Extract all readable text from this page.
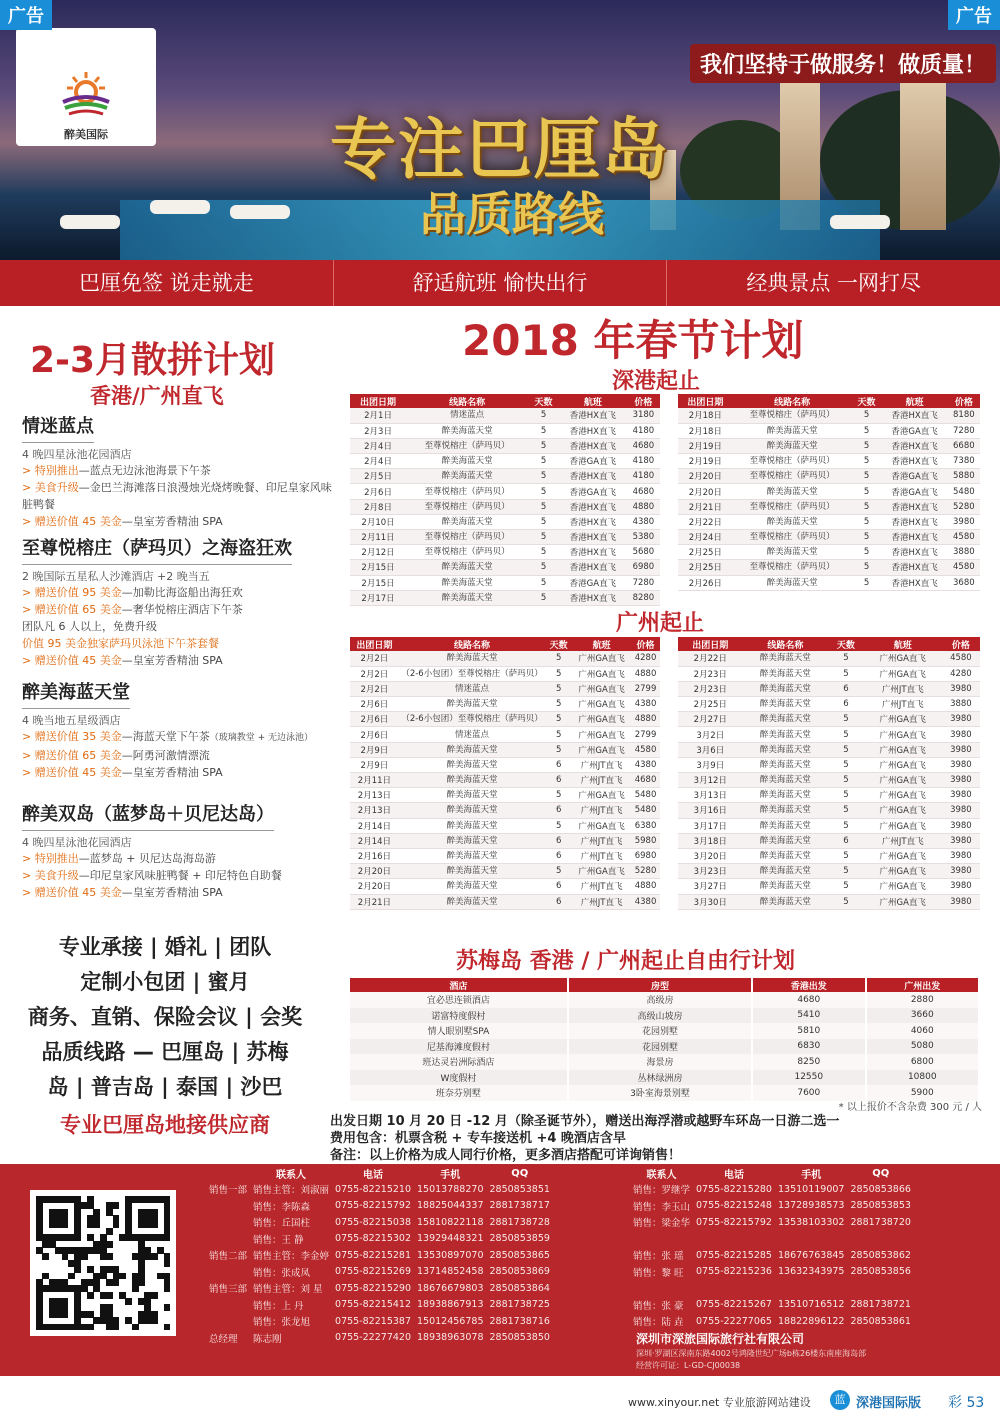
广告	广告
醉美国际
我们坚持于做服务！做质量！
专注巴厘岛
品质路线
巴厘免签 说走就走	舒适航班 愉快出行	经典景点 一网打尽
2-3月散拼计划
香港/广州直飞
情迷蓝点
4 晚四星泳池花园酒店
> 特别推出—蓝点无边泳池海景下午茶
> 美食升级—金巴兰海滩落日浪漫烛光烧烤晚餐、印尼皇家风味脏鸭餐
> 赠送价值 45 美金—皇室芳香精油 SPA
至尊悦榕庄（萨玛贝）之海盗狂欢
2 晚国际五星私人沙滩酒店 +2 晚当五
> 赠送价值 95 美金—加勒比海盗船出海狂欢
> 赠送价值 65 美金—奢华悦榕庄酒店下午茶
团队凡 6 人以上，免费升级
价值 95 美金独家萨玛贝泳池下午茶套餐
> 赠送价值 45 美金—皇室芳香精油 SPA
醉美海蓝天堂
4 晚当地五星级酒店
> 赠送价值 35 美金—海蓝天堂下午茶（玻璃教堂 + 无边泳池）
> 赠送价值 65 美金—阿勇河激情漂流
> 赠送价值 45 美金—皇室芳香精油 SPA
醉美双岛（蓝梦岛＋贝尼达岛）
4 晚四星泳池花园酒店
> 特别推出—蓝梦岛 + 贝尼达岛海岛游
> 美食升级—印尼皇家风味脏鸭餐 + 印尼特色自助餐
> 赠送价值 45 美金—皇室芳香精油 SPA
专业承接 | 婚礼 | 团队
定制小包团 | 蜜月
商务、直销、保险会议 | 会奖
品质线路 — 巴厘岛 | 苏梅
岛 | 普吉岛 | 泰国 | 沙巴
专业巴厘岛地接供应商
2018 年春节计划
深港起止
出团日期	线路名称	天数	航班	价格
2月1日	情迷蓝点	5	香港HX直飞	3180
2月3日	醉美海蓝天堂	5	香港HX直飞	4180
2月4日	至尊悦榕庄（萨玛贝）	5	香港HX直飞	4680
2月4日	醉美海蓝天堂	5	香港GA直飞	4180
2月5日	醉美海蓝天堂	5	香港HX直飞	4180
2月6日	至尊悦榕庄（萨玛贝）	5	香港GA直飞	4680
2月8日	至尊悦榕庄（萨玛贝）	5	香港HX直飞	4880
2月10日	醉美海蓝天堂	5	香港HX直飞	4380
2月11日	至尊悦榕庄（萨玛贝）	5	香港HX直飞	5380
2月12日	至尊悦榕庄（萨玛贝）	5	香港HX直飞	5680
2月15日	醉美海蓝天堂	5	香港HX直飞	6980
2月15日	醉美海蓝天堂	5	香港GA直飞	7280
2月17日	醉美海蓝天堂	5	香港HX直飞	8280
出团日期	线路名称	天数	航班	价格
2月18日	至尊悦榕庄（萨玛贝）	5	香港HX直飞	8180
2月18日	醉美海蓝天堂	5	香港GA直飞	7280
2月19日	醉美海蓝天堂	5	香港HX直飞	6680
2月19日	至尊悦榕庄（萨玛贝）	5	香港HX直飞	7380
2月20日	至尊悦榕庄（萨玛贝）	5	香港GA直飞	5880
2月20日	醉美海蓝天堂	5	香港GA直飞	5480
2月21日	至尊悦榕庄（萨玛贝）	5	香港HX直飞	5280
2月22日	醉美海蓝天堂	5	香港HX直飞	3980
2月24日	至尊悦榕庄（萨玛贝）	5	香港HX直飞	4580
2月25日	醉美海蓝天堂	5	香港HX直飞	3880
2月25日	至尊悦榕庄（萨玛贝）	5	香港HX直飞	4580
2月26日	醉美海蓝天堂	5	香港HX直飞	3680
广州起止
出团日期	线路名称	天数	航班	价格
2月2日	醉美海蓝天堂	5	广州GA直飞	4280
2月2日	（2-6小包团）至尊悦榕庄（萨玛贝）	5	广州GA直飞	4880
2月2日	情迷蓝点	5	广州GA直飞	2799
2月6日	醉美海蓝天堂	5	广州GA直飞	4380
2月6日	（2-6小包团）至尊悦榕庄（萨玛贝）	5	广州GA直飞	4880
2月6日	情迷蓝点	5	广州GA直飞	2799
2月9日	醉美海蓝天堂	5	广州GA直飞	4580
2月9日	醉美海蓝天堂	6	广州JT直飞	4380
2月11日	醉美海蓝天堂	6	广州JT直飞	4680
2月13日	醉美海蓝天堂	5	广州GA直飞	5480
2月13日	醉美海蓝天堂	6	广州JT直飞	5480
2月14日	醉美海蓝天堂	5	广州GA直飞	6380
2月14日	醉美海蓝天堂	6	广州JT直飞	5980
2月16日	醉美海蓝天堂	6	广州JT直飞	6980
2月20日	醉美海蓝天堂	5	广州GA直飞	5280
2月20日	醉美海蓝天堂	6	广州JT直飞	4880
2月21日	醉美海蓝天堂	6	广州JT直飞	4380
出团日期	线路名称	天数	航班	价格
2月22日	醉美海蓝天堂	5	广州GA直飞	4580
2月23日	醉美海蓝天堂	5	广州GA直飞	4280
2月23日	醉美海蓝天堂	6	广州JT直飞	3980
2月25日	醉美海蓝天堂	6	广州JT直飞	3880
2月27日	醉美海蓝天堂	5	广州GA直飞	3980
3月2日	醉美海蓝天堂	5	广州GA直飞	3980
3月6日	醉美海蓝天堂	5	广州GA直飞	3980
3月9日	醉美海蓝天堂	5	广州GA直飞	3980
3月12日	醉美海蓝天堂	5	广州GA直飞	3980
3月13日	醉美海蓝天堂	5	广州GA直飞	3980
3月16日	醉美海蓝天堂	5	广州GA直飞	3980
3月17日	醉美海蓝天堂	5	广州GA直飞	3980
3月18日	醉美海蓝天堂	6	广州JT直飞	3980
3月20日	醉美海蓝天堂	5	广州GA直飞	3980
3月23日	醉美海蓝天堂	5	广州GA直飞	3980
3月27日	醉美海蓝天堂	5	广州GA直飞	3980
3月30日	醉美海蓝天堂	5	广州GA直飞	3980
苏梅岛 香港 / 广州起止自由行计划
酒店	房型	香港出发	广州出发
宜必思连锁酒店	高级房	4680	2880
诺富特度假村	高级山坡房	5410	3660
情人眼别墅SPA	花园别墅	5810	4060
尼基海滩度假村	花园别墅	6830	5080
班达灵岩洲际酒店	海景房	8250	6800
W度假村	丛林绿洲房	12550	10800
班奈芬别墅	3卧室海景别墅	7600	5900
* 以上报价不含杂费 300 元 / 人
出发日期 10 月 20 日 -12 月（除圣诞节外），赠送出海浮潜或越野车环岛一日游二选一
费用包含：机票含税 + 专车接送机 +4 晚酒店含早
备注：以上价格为成人同行价格，更多酒店搭配可详询销售！
	联系人	电话	手机	QQ
销售一部	销售主管：刘淑丽	0755-82215210	15013788270	2850853851
	销售：李陈森	0755-82215792	18825044337	2881738717
	销售：丘国柱	0755-82215038	15810822118	2881738728
	销售：王 静	0755-82215302	13929448321	2850853859
销售二部	销售主管：李金婷	0755-82215281	13530897070	2850853865
	销售：张成凤	0755-82215269	13714852458	2850853869
销售三部	销售主管：刘 星	0755-82215290	18676679803	2850853864
	销售：上 丹	0755-82215412	18938867913	2881738725
	销售：张龙旭	0755-82215387	15012456785	2881738716
总经理	陈志刚	0755-22277420	18938963078	2850853850
联系人	电话	手机	QQ
销售：罗继学	0755-82215280	13510119007	2850853866
销售：李玉山	0755-82215248	13728938573	2850853853
销售：梁金华	0755-82215792	13538103302	2881738720

销售：张 瑶	0755-82215285	18676763845	2850853862
销售：黎 旺	0755-82215236	13632343975	2850853856

销售：张 豪	0755-82215267	13510716512	2881738721
销售：陆 垚	0755-22277065	18822896122	2850853861
深圳市深旅国际旅行社有限公司
深圳·罗湖区深南东路4002号鸿隆世纪广场b栋26楼东南座海岛部
经营许可证：L-GD-CJ00038
www.xinyour.net 专业旅游网站建设	蓝 深港国际版 彩 53
